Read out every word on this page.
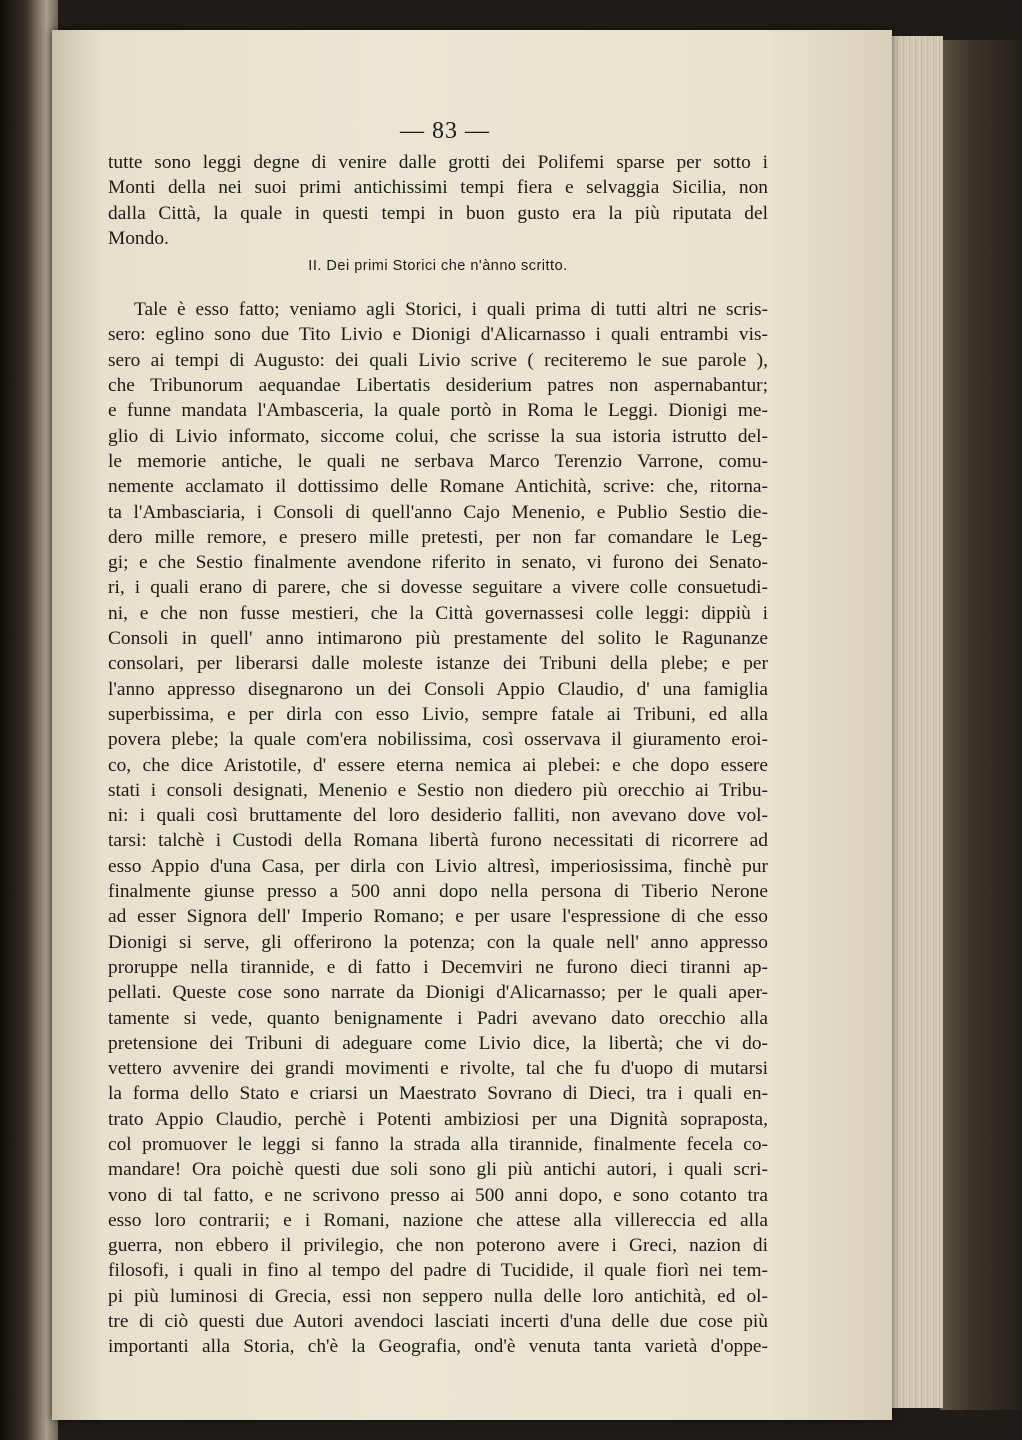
— 83 —
tutte sono leggi degne di venire dalle grotti dei Polifemi sparse per sotto i
Monti della nei suoi primi antichissimi tempi fiera e selvaggia Sicilia, non
dalla Città, la quale in questi tempi in buon gusto era la più riputata del
Mondo.
II. Dei primi Storici che n'ànno scritto.
Tale è esso fatto; veniamo agli Storici, i quali prima di tutti altri ne scris-
sero: eglino sono due Tito Livio e Dionigi d'Alicarnasso i quali entrambi vis-
sero ai tempi di Augusto: dei quali Livio scrive ( reciteremo le sue parole ),
che Tribunorum aequandae Libertatis desiderium patres non aspernabantur;
e funne mandata l'Ambasceria, la quale portò in Roma le Leggi. Dionigi me-
glio di Livio informato, siccome colui, che scrisse la sua istoria istrutto del-
le memorie antiche, le quali ne serbava Marco Terenzio Varrone, comu-
nemente acclamato il dottissimo delle Romane Antichità, scrive: che, ritorna-
ta l'Ambasciaria, i Consoli di quell'anno Cajo Menenio, e Publio Sestio die-
dero mille remore, e presero mille pretesti, per non far comandare le Leg-
gi; e che Sestio finalmente avendone riferito in senato, vi furono dei Senato-
ri, i quali erano di parere, che si dovesse seguitare a vivere colle consuetudi-
ni, e che non fusse mestieri, che la Città governassesi colle leggi: dippiù i
Consoli in quell' anno intimarono più prestamente del solito le Ragunanze
consolari, per liberarsi dalle moleste istanze dei Tribuni della plebe; e per
l'anno appresso disegnarono un dei Consoli Appio Claudio, d' una famiglia
superbissima, e per dirla con esso Livio, sempre fatale ai Tribuni, ed alla
povera plebe; la quale com'era nobilissima, così osservava il giuramento eroi-
co, che dice Aristotile, d' essere eterna nemica ai plebei: e che dopo essere
stati i consoli designati, Menenio e Sestio non diedero più orecchio ai Tribu-
ni: i quali così bruttamente del loro desiderio falliti, non avevano dove vol-
tarsi: talchè i Custodi della Romana libertà furono necessitati di ricorrere ad
esso Appio d'una Casa, per dirla con Livio altresì, imperiosissima, finchè pur
finalmente giunse presso a 500 anni dopo nella persona di Tiberio Nerone
ad esser Signora dell' Imperio Romano; e per usare l'espressione di che esso
Dionigi si serve, gli offerirono la potenza; con la quale nell' anno appresso
proruppe nella tirannide, e di fatto i Decemviri ne furono dieci tiranni ap-
pellati. Queste cose sono narrate da Dionigi d'Alicarnasso; per le quali aper-
tamente si vede, quanto benignamente i Padri avevano dato orecchio alla
pretensione dei Tribuni di adeguare come Livio dice, la libertà; che vi do-
vettero avvenire dei grandi movimenti e rivolte, tal che fu d'uopo di mutarsi
la forma dello Stato e criarsi un Maestrato Sovrano di Dieci, tra i quali en-
trato Appio Claudio, perchè i Potenti ambiziosi per una Dignità sopraposta,
col promuover le leggi si fanno la strada alla tirannide, finalmente fecela co-
mandare! Ora poichè questi due soli sono gli più antichi autori, i quali scri-
vono di tal fatto, e ne scrivono presso ai 500 anni dopo, e sono cotanto tra
esso loro contrarii; e i Romani, nazione che attese alla villereccia ed alla
guerra, non ebbero il privilegio, che non poterono avere i Greci, nazion di
filosofi, i quali in fino al tempo del padre di Tucidide, il quale fiorì nei tem-
pi più luminosi di Grecia, essi non seppero nulla delle loro antichità, ed ol-
tre di ciò questi due Autori avendoci lasciati incerti d'una delle due cose più
importanti alla Storia, ch'è la Geografia, ond'è venuta tanta varietà d'oppe-
